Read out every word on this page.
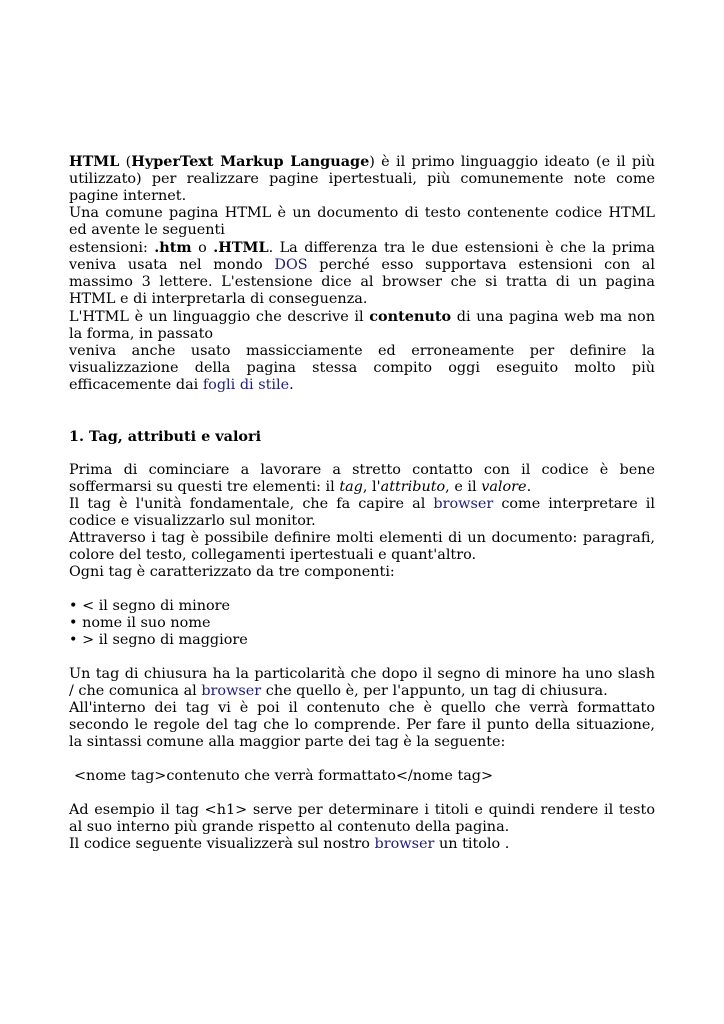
HTML (HyperText Markup Language) è il primo linguaggio ideato (e il più

utilizzato) per realizzare pagine ipertestuali, più comunemente note come

pagine internet.

Una comune pagina HTML è un documento di testo contenente codice HTML

ed avente le seguenti

estensioni: .htm o .HTML. La differenza tra le due estensioni è che la prima

veniva usata nel mondo DOS perché esso supportava estensioni con al

massimo 3 lettere. L'estensione dice al browser che si tratta di un pagina

HTML e di interpretarla di conseguenza.

L'HTML è un linguaggio che descrive il contenuto di una pagina web ma non

la forma, in passato

veniva anche usato massicciamente ed erroneamente per definire la

visualizzazione della pagina stessa compito oggi eseguito molto più

efficacemente dai fogli di stile.

1. Tag, attributi e valori

Prima di cominciare a lavorare a stretto contatto con il codice è bene

soffermarsi su questi tre elementi: il tag, l'attributo, e il valore.

Il tag è l'unità fondamentale, che fa capire al browser come interpretare il

codice e visualizzarlo sul monitor.

Attraverso i tag è possibile definire molti elementi di un documento: paragrafi,

colore del testo, collegamenti ipertestuali e quant'altro.

Ogni tag è caratterizzato da tre componenti:

• < il segno di minore
• nome il suo nome
• > il segno di maggiore

Un tag di chiusura ha la particolarità che dopo il segno di minore ha uno slash

/ che comunica al browser che quello è, per l'appunto, un tag di chiusura.

All'interno dei tag vi è poi il contenuto che è quello che verrà formattato

secondo le regole del tag che lo comprende. Per fare il punto della situazione,

la sintassi comune alla maggior parte dei tag è la seguente:

<nome tag>contenuto che verrà formattato</nome tag>

Ad esempio il tag <h1> serve per determinare i titoli e quindi rendere il testo

al suo interno più grande rispetto al contenuto della pagina.

Il codice seguente visualizzerà sul nostro browser un titolo .
